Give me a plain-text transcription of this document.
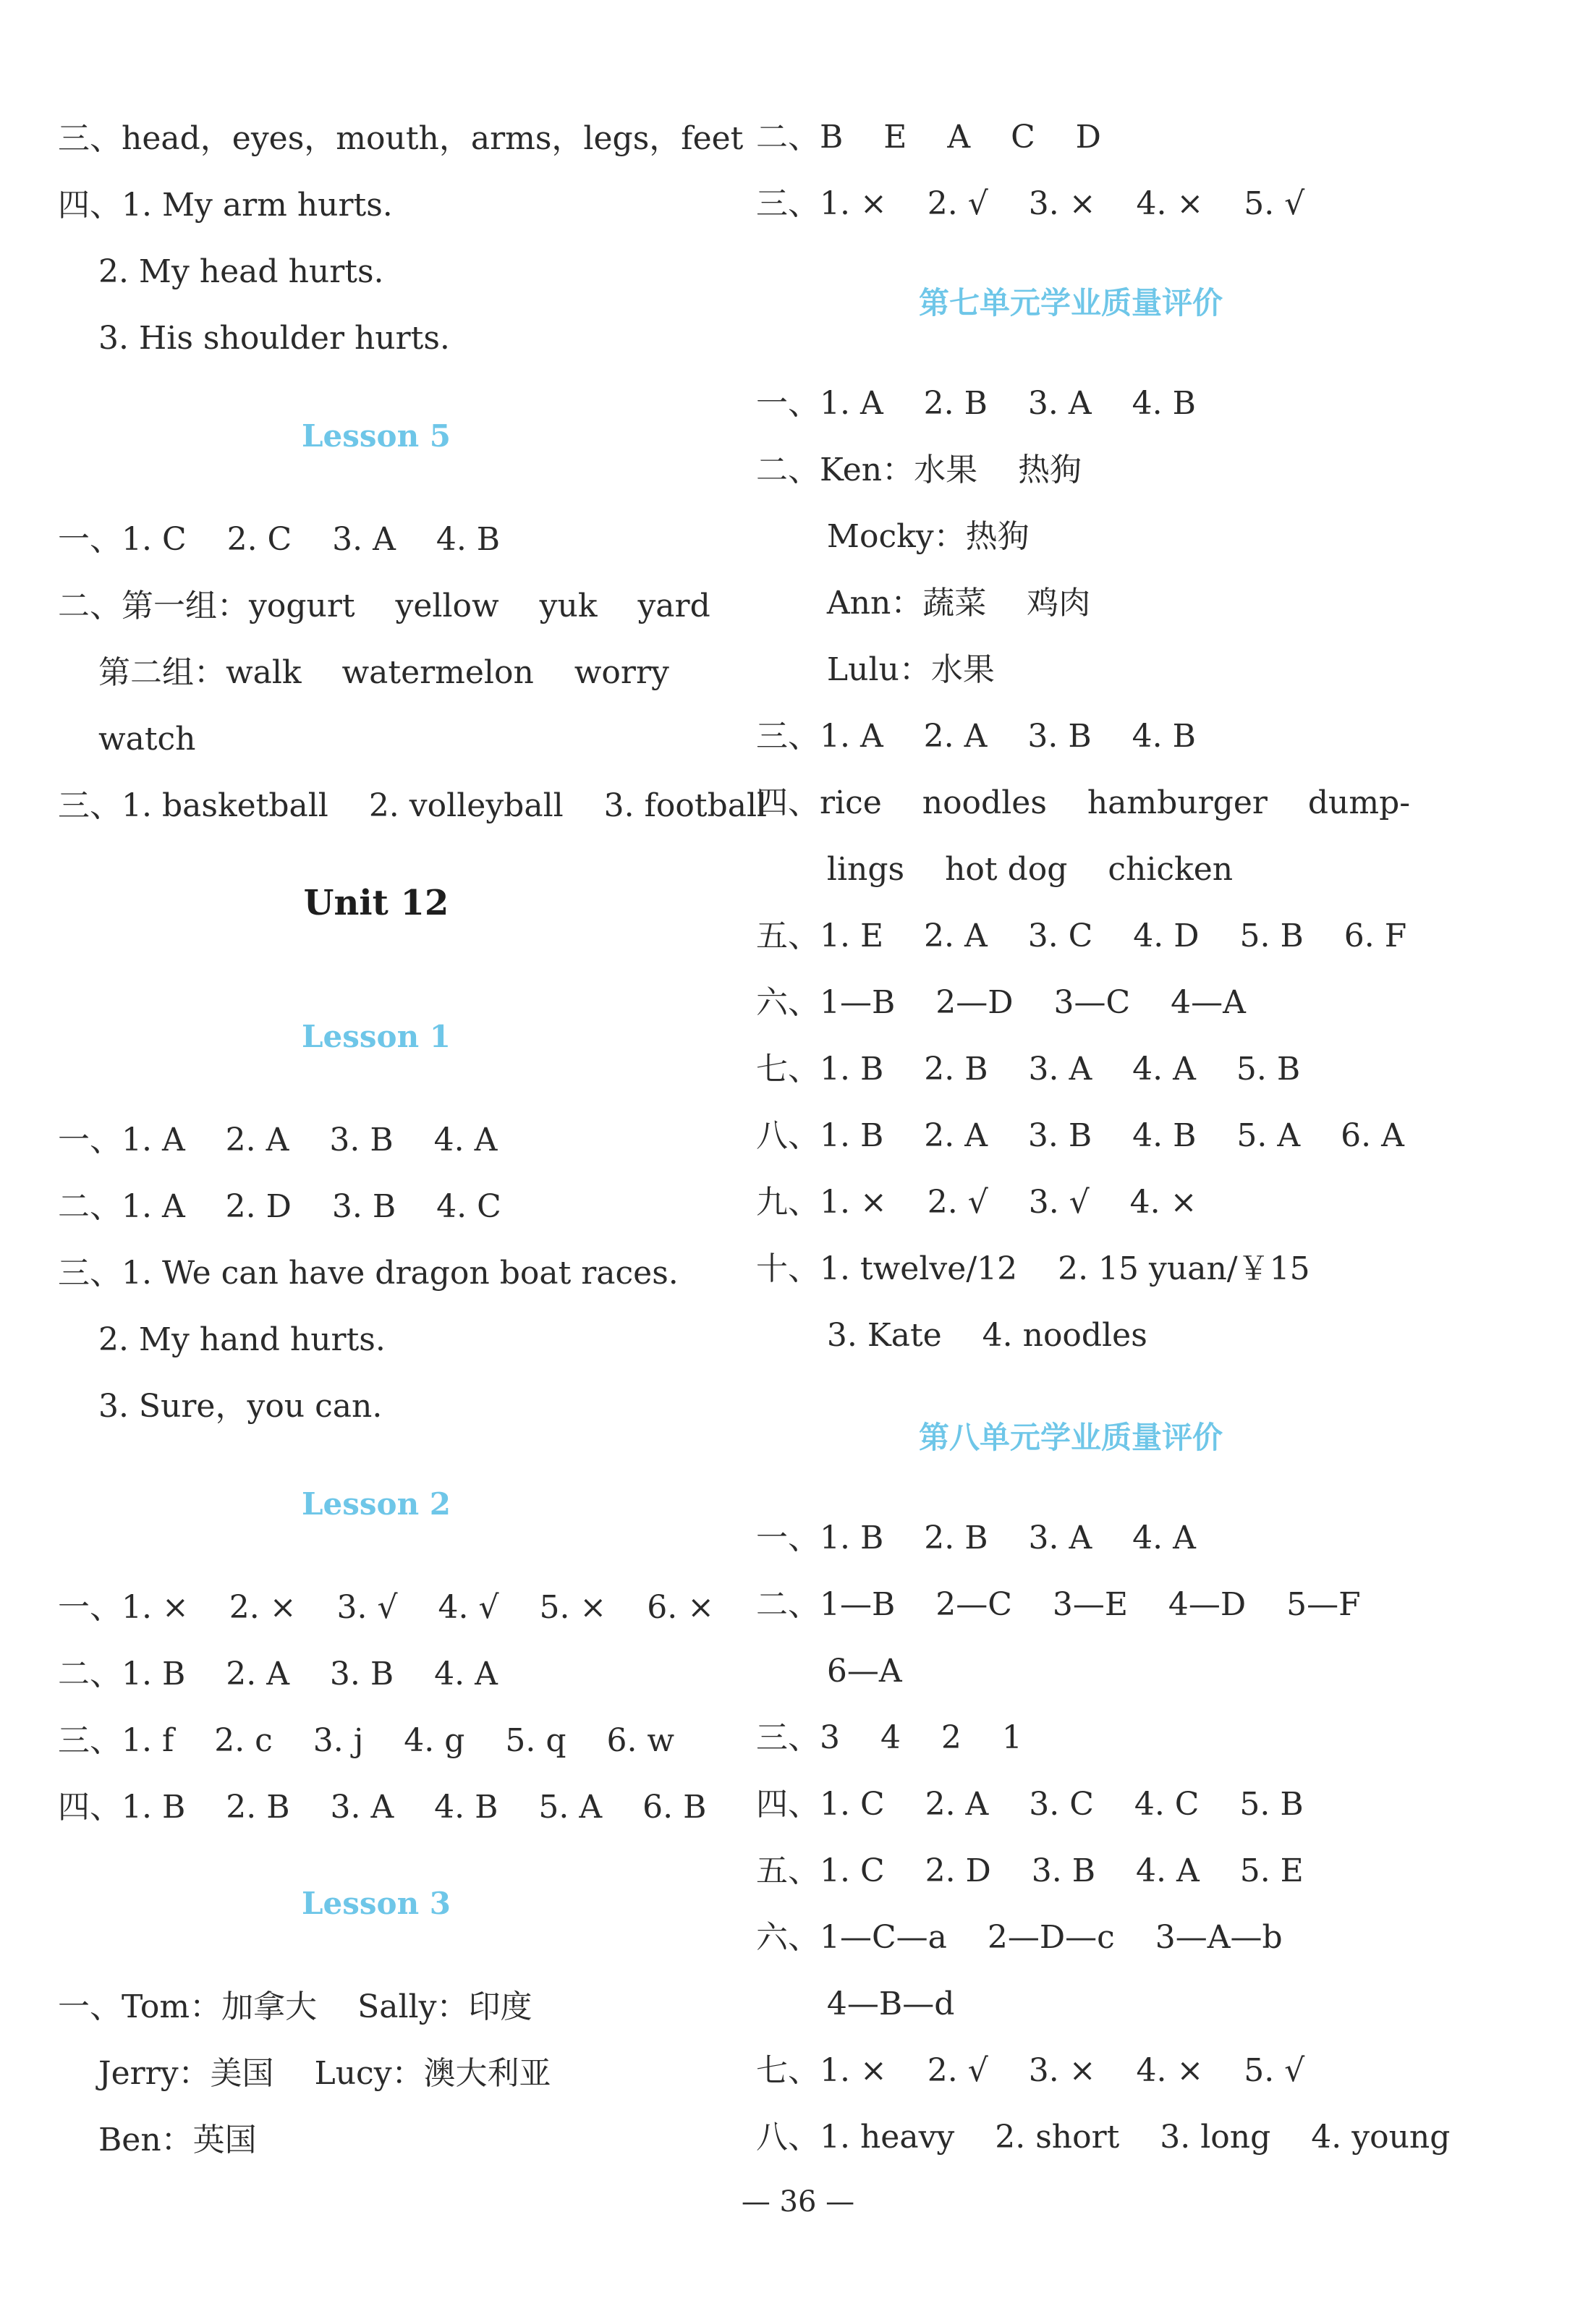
三、head，eyes，mouth，arms，legs，feet
四、1. My arm hurts.
2. My head hurts.
3. His shoulder hurts.
Lesson 5
一、1. C    2. C    3. A    4. B
二、第一组：yogurt    yellow    yuk    yard
第二组：walk    watermelon    worry
watch
三、1. basketball    2. volleyball    3. football
Unit 12
Lesson 1
一、1. A    2. A    3. B    4. A
二、1. A    2. D    3. B    4. C
三、1. We can have dragon boat races.
2. My hand hurts.
3. Sure，you can.
Lesson 2
一、1. ×    2. ×    3. √    4. √    5. ×    6. ×
二、1. B    2. A    3. B    4. A
三、1. f    2. c    3. j    4. g    5. q    6. w
四、1. B    2. B    3. A    4. B    5. A    6. B
Lesson 3
一、Tom：加拿大    Sally：印度
Jerry：美国    Lucy：澳大利亚
Ben：英国
二、B    E    A    C    D
三、1. ×    2. √    3. ×    4. ×    5. √
第七单元学业质量评价
一、1. A    2. B    3. A    4. B
二、Ken：水果    热狗
Mocky：热狗
Ann：蔬菜    鸡肉
Lulu：水果
三、1. A    2. A    3. B    4. B
四、rice    noodles    hamburger    dump-
lings    hot dog    chicken
五、1. E    2. A    3. C    4. D    5. B    6. F
六、1—B    2—D    3—C    4—A
七、1. B    2. B    3. A    4. A    5. B
八、1. B    2. A    3. B    4. B    5. A    6. A
九、1. ×    2. √    3. √    4. ×
十、1. twelve/12    2. 15 yuan/￥15
3. Kate    4. noodles
第八单元学业质量评价
一、1. B    2. B    3. A    4. A
二、1—B    2—C    3—E    4—D    5—F
6—A
三、3    4    2    1
四、1. C    2. A    3. C    4. C    5. B
五、1. C    2. D    3. B    4. A    5. E
六、1—C—a    2—D—c    3—A—b
4—B—d
七、1. ×    2. √    3. ×    4. ×    5. √
八、1. heavy    2. short    3. long    4. young
— 36 —
